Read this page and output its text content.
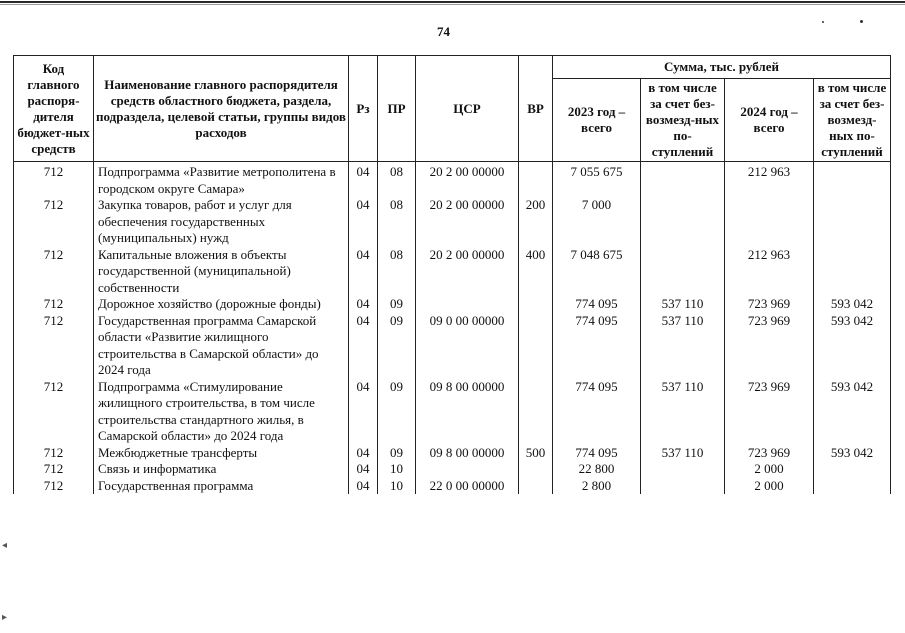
74
◂
▸
Код главного распоря-дителя бюджет-ных средств	Наименование главного распорядителя средств областного бюджета, раздела, подраздела, целевой статьи, группы видов расходов	Рз	ПР	ЦСР	ВР	Сумма, тыс. рублей			
						2023 год – всего	в том числе за счет без-возмезд-ных по-ступлений	2024 год – всего	в том числе за счет без-возмезд-ных по-ступлений
712	Подпрограмма «Развитие метрополитена в городском округе Самара»	04	08	20 2 00 00000		7 055 675		212 963	
712	Закупка товаров, работ и услуг для обеспечения государственных (муниципальных) нужд	04	08	20 2 00 00000	200	7 000			
712	Капитальные вложения в объекты государственной (муниципальной) собственности	04	08	20 2 00 00000	400	7 048 675		212 963	
712	Дорожное хозяйство (дорожные фонды)	04	09			774 095	537 110	723 969	593 042
712	Государственная программа Самарской области «Развитие жилищного строительства в Самарской области» до 2024 года	04	09	09 0 00 00000		774 095	537 110	723 969	593 042
712	Подпрограмма «Стимулирование жилищного строительства, в том числе строительства стандартного жилья, в Самарской области» до 2024 года	04	09	09 8 00 00000		774 095	537 110	723 969	593 042
712	Межбюджетные трансферты	04	09	09 8 00 00000	500	774 095	537 110	723 969	593 042
712	Связь и информатика	04	10			22 800		2 000	
712	Государственная программа	04	10	22 0 00 00000		2 800		2 000	
